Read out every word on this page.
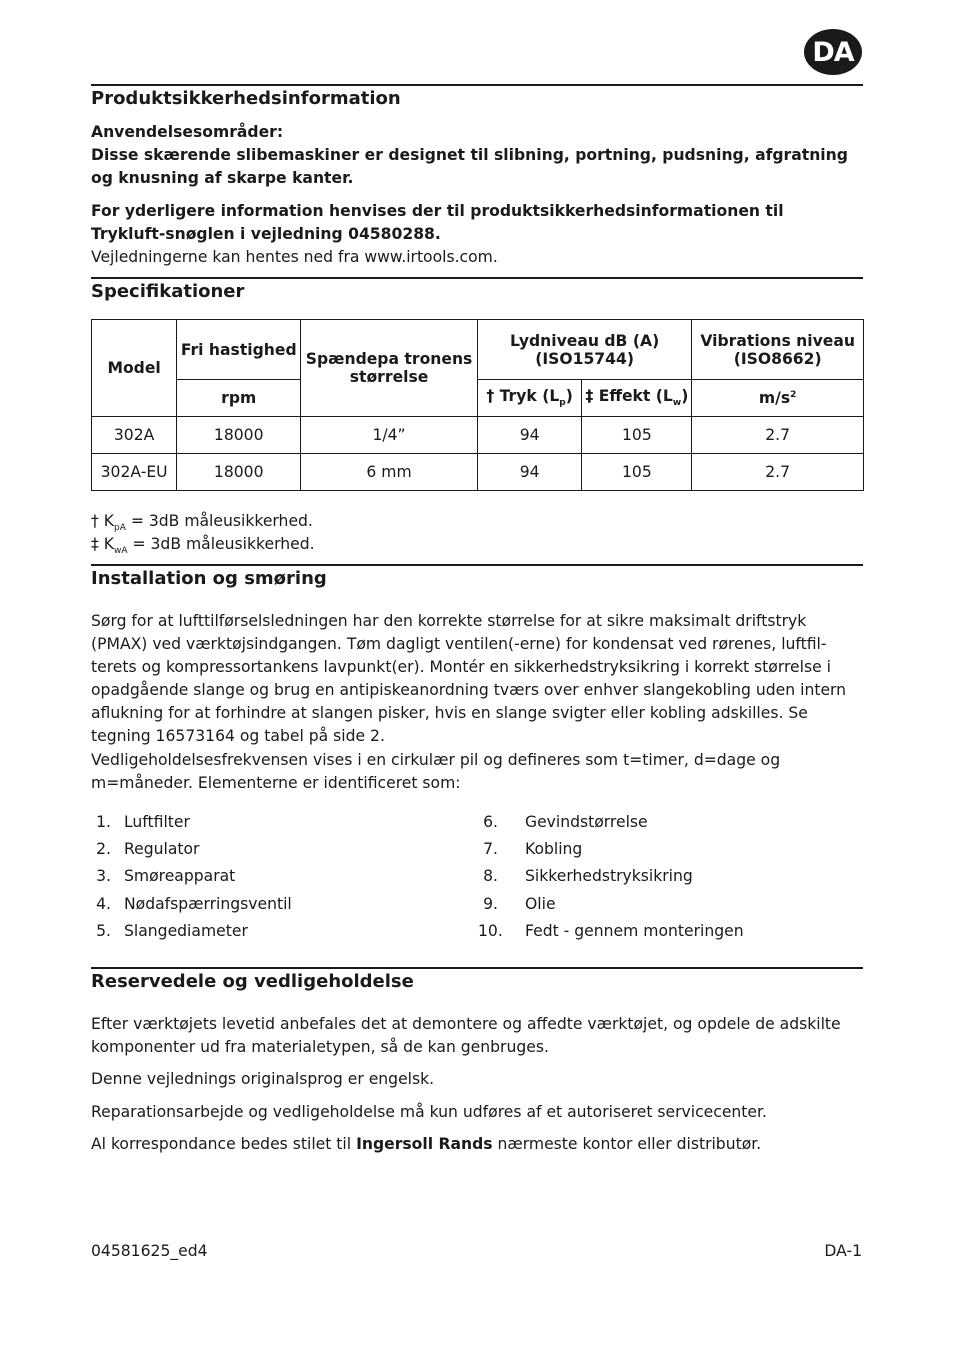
DA
Produktsikkerhedsinformation

Anvendelsesområder:

Disse skærende slibemaskiner er designet til slibning, portning, pudsning, afgratning og knusning af skarpe kanter.

For yderligere information henvises der til produktsikkerhedsinformationen til Trykluft-snøglen i vejledning 04580288.

Vejledningerne kan hentes ned fra www.irtools.com.

Specifikationer
Model	Fri hastighed	Spændepa tronens størrelse	Lydniveau dB (A) (ISO15744)		Vibrations niveau (ISO8662)
	rpm		† Tryk $(L_p)$	‡ Effekt $(L_w)$	$m/s^2$
302A	18000	1/4”	94	105	2.7
302A-EU	18000	6 mm	94	105	2.7

† $K_{pA} = 3dB$ måleusikkerhed.

‡ $K_{wA} = 3dB$ måleusikkerhed.

Installation og smøring

Sørg for at lufttilførselsledningen har den korrekte størrelse for at sikre maksimalt driftstryk (PMAX) ved værktøjsindgangen. Tøm dagligt ventilen(-erne) for kondensat ved rørenes, luftfil-terets og kompressortankens lavpunkt(er). Montér en sikkerhedstryksikring i korrekt størrelse i opadgående slange og brug en antipiskeanordning tværs over enhver slangekobling uden intern aflukning for at forhindre at slangen pisker, hvis en slange svigter eller kobling adskilles. Se tegning 16573164 og tabel på side 2.

Vedligeholdelsesfrekvensen vises i en cirkulær pil og defineres som t=timer, d=dage og m=måneder. Elementerne er identificeret som:

1. Luftfilter
2. Regulator
3. Smøreapparat
4. Nødafspærringsventil
5. Slangediameter
6. Gevindstørrelse
7. Kobling
8. Sikkerhedstryksikring
9. Olie
10. Fedt - gennem monteringen
Reservedele og vedligeholdelse

Efter værktøjets levetid anbefales det at demontere og affedte værktøjet, og opdele de adskilte komponenter ud fra materialetypen, så de kan genbruges.

Denne vejlednings originalsprog er engelsk.

Reparationsarbejde og vedligeholdelse må kun udføres af et autoriseret servicecenter.

Al korrespondance bedes stilet til Ingersoll Rands nærmeste kontor eller distributør.

04581625_ed4	DA-1
